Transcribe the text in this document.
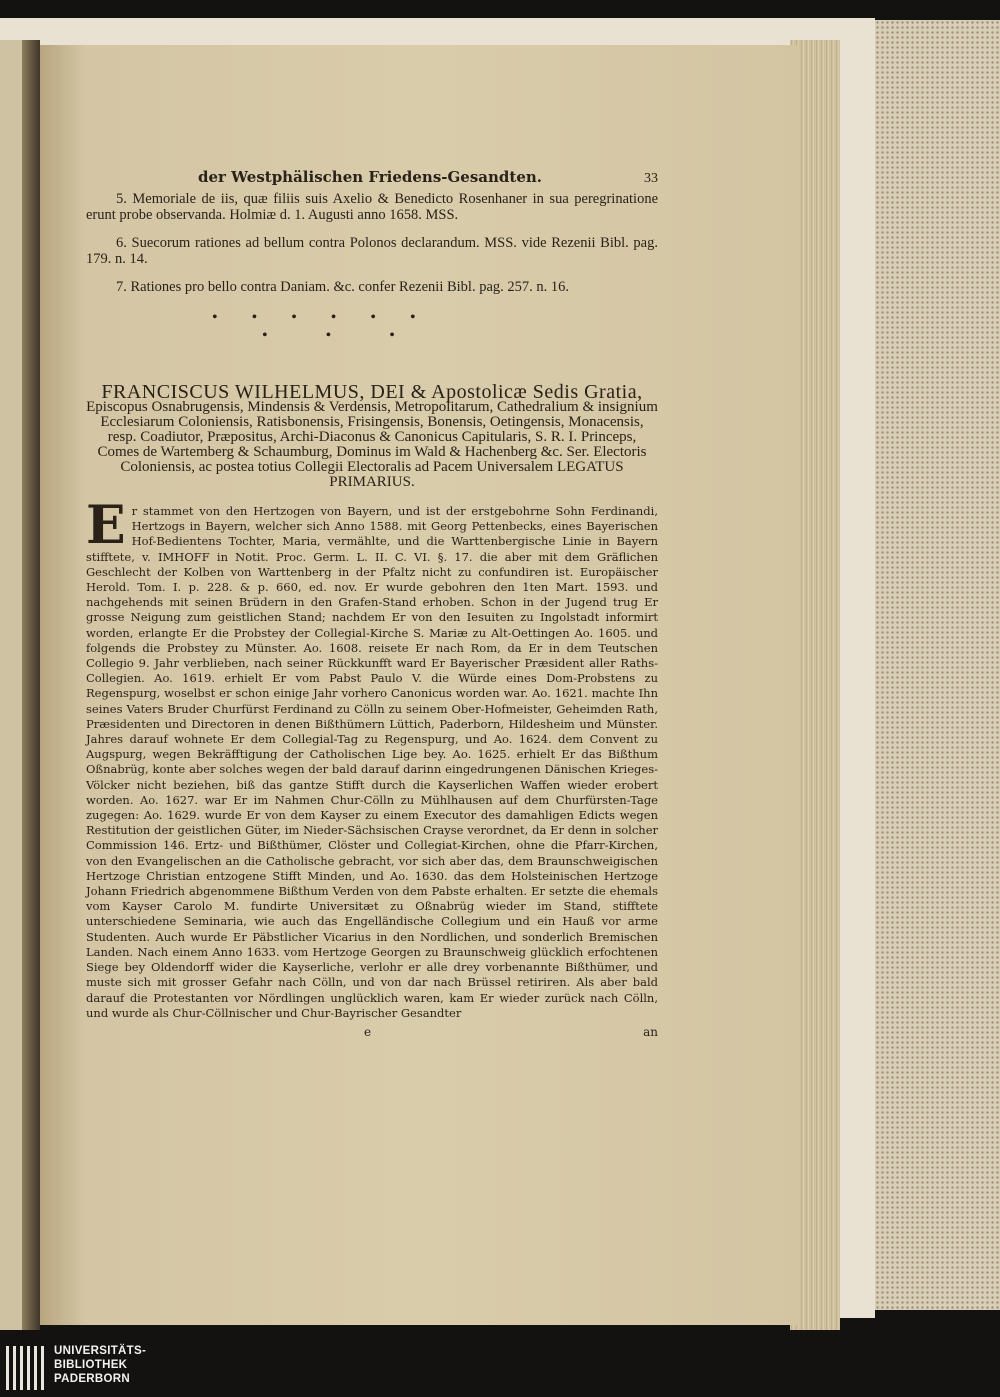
der Westphälischen Friedens-Gesandten.	33

5. Memoriale de iis, quæ filiis suis Axelio & Benedicto Rosenhaner in sua peregrinatione erunt probe observanda. Holmiæ d. 1. Augusti anno 1658. MSS.

6. Suecorum rationes ad bellum contra Polonos declarandum. MSS. vide Rezenii Bibl. pag. 179. n. 14.

7. Rationes pro bello contra Daniam. &c. confer Rezenii Bibl. pag. 257. n. 16.

• • • • • •
• • •
FRANCISCUS WILHELMUS, DEI & Apostolicæ Sedis Gratia,
Episcopus Osnabrugensis, Mindensis & Verdensis, Metropolitarum, Cathedralium & insignium Ecclesiarum Coloniensis, Ratisbonensis, Frisingensis, Bonensis, Oetingensis, Monacensis, resp. Coadiutor, Præpositus, Archi-Diaconus & Canonicus Capitularis, S. R. I. Princeps, Comes de Wartemberg & Schaumburg, Dominus im Wald & Hachenberg &c. Ser. Electoris Coloniensis, ac postea totius Collegii Electoralis ad Pacem Universalem LEGATUS PRIMARIUS.
E r stammet von den Hertzogen von Bayern, und ist der erstgebohrne Sohn Ferdinandi, Hertzogs in Bayern, welcher sich Anno 1588. mit Georg Pettenbecks, eines Bayerischen Hof-Bedientens Tochter, Maria, vermählte, und die Warttenbergische Linie in Bayern stifftete, v. IMHOFF in Notit. Proc. Germ. L. II. C. VI. §. 17. die aber mit dem Gräflichen Geschlecht der Kolben von Warttenberg in der Pfaltz nicht zu confundiren ist. Europäischer Herold. Tom. I. p. 228. & p. 660, ed. nov. Er wurde gebohren den 1ten Mart. 1593. und nachgehends mit seinen Brüdern in den Grafen-Stand erhoben. Schon in der Jugend trug Er grosse Neigung zum geistlichen Stand; nachdem Er von den Iesuiten zu Ingolstadt informirt worden, erlangte Er die Probstey der Collegial-Kirche S. Mariæ zu Alt-Oettingen Ao. 1605. und folgends die Probstey zu Münster. Ao. 1608. reisete Er nach Rom, da Er in dem Teutschen Collegio 9. Jahr verblieben, nach seiner Rückkunfft ward Er Bayerischer Præsident aller Raths-Collegien. Ao. 1619. erhielt Er vom Pabst Paulo V. die Würde eines Dom-Probstens zu Regenspurg, woselbst er schon einige Jahr vorhero Canonicus worden war. Ao. 1621. machte Ihn seines Vaters Bruder Churfürst Ferdinand zu Cölln zu seinem Ober-Hofmeister, Geheimden Rath, Præsidenten und Directoren in denen Bißthümern Lüttich, Paderborn, Hildesheim und Münster. Jahres darauf wohnete Er dem Collegial-Tag zu Regenspurg, und Ao. 1624. dem Convent zu Augspurg, wegen Bekräfftigung der Catholischen Lige bey. Ao. 1625. erhielt Er das Bißthum Oßnabrüg, konte aber solches wegen der bald darauf darinn eingedrungenen Dänischen Krieges-Völcker nicht beziehen, biß das gantze Stifft durch die Kayserlichen Waffen wieder erobert worden. Ao. 1627. war Er im Nahmen Chur-Cölln zu Mühlhausen auf dem Churfürsten-Tage zugegen: Ao. 1629. wurde Er von dem Kayser zu einem Executor des damahligen Edicts wegen Restitution der geistlichen Güter, im Nieder-Sächsischen Crayse verordnet, da Er denn in solcher Commission 146. Ertz- und Bißthümer, Clöster und Collegiat-Kirchen, ohne die Pfarr-Kirchen, von den Evangelischen an die Catholische gebracht, vor sich aber das, dem Braunschweigischen Hertzoge Christian entzogene Stifft Minden, und Ao. 1630. das dem Holsteinischen Hertzoge Johann Friedrich abgenommene Bißthum Verden von dem Pabste erhalten. Er setzte die ehemals vom Kayser Carolo M. fundirte Universitæt zu Oßnabrüg wieder im Stand, stifftete unterschiedene Seminaria, wie auch das Engelländische Collegium und ein Hauß vor arme Studenten. Auch wurde Er Päbstlicher Vicarius in den Nordlichen, und sonderlich Bremischen Landen. Nach einem Anno 1633. vom Hertzoge Georgen zu Braunschweig glücklich erfochtenen Siege bey Oldendorff wider die Kayserliche, verlohr er alle drey vorbenannte Bißthümer, und muste sich mit grosser Gefahr nach Cölln, und von dar nach Brüssel retiriren. Als aber bald darauf die Protestanten vor Nördlingen unglücklich waren, kam Er wieder zurück nach Cölln, und wurde als Chur-Cöllnischer und Chur-Bayrischer Gesandter
e	an
UNIVERSITÄTS-
BIBLIOTHEK
PADERBORN
